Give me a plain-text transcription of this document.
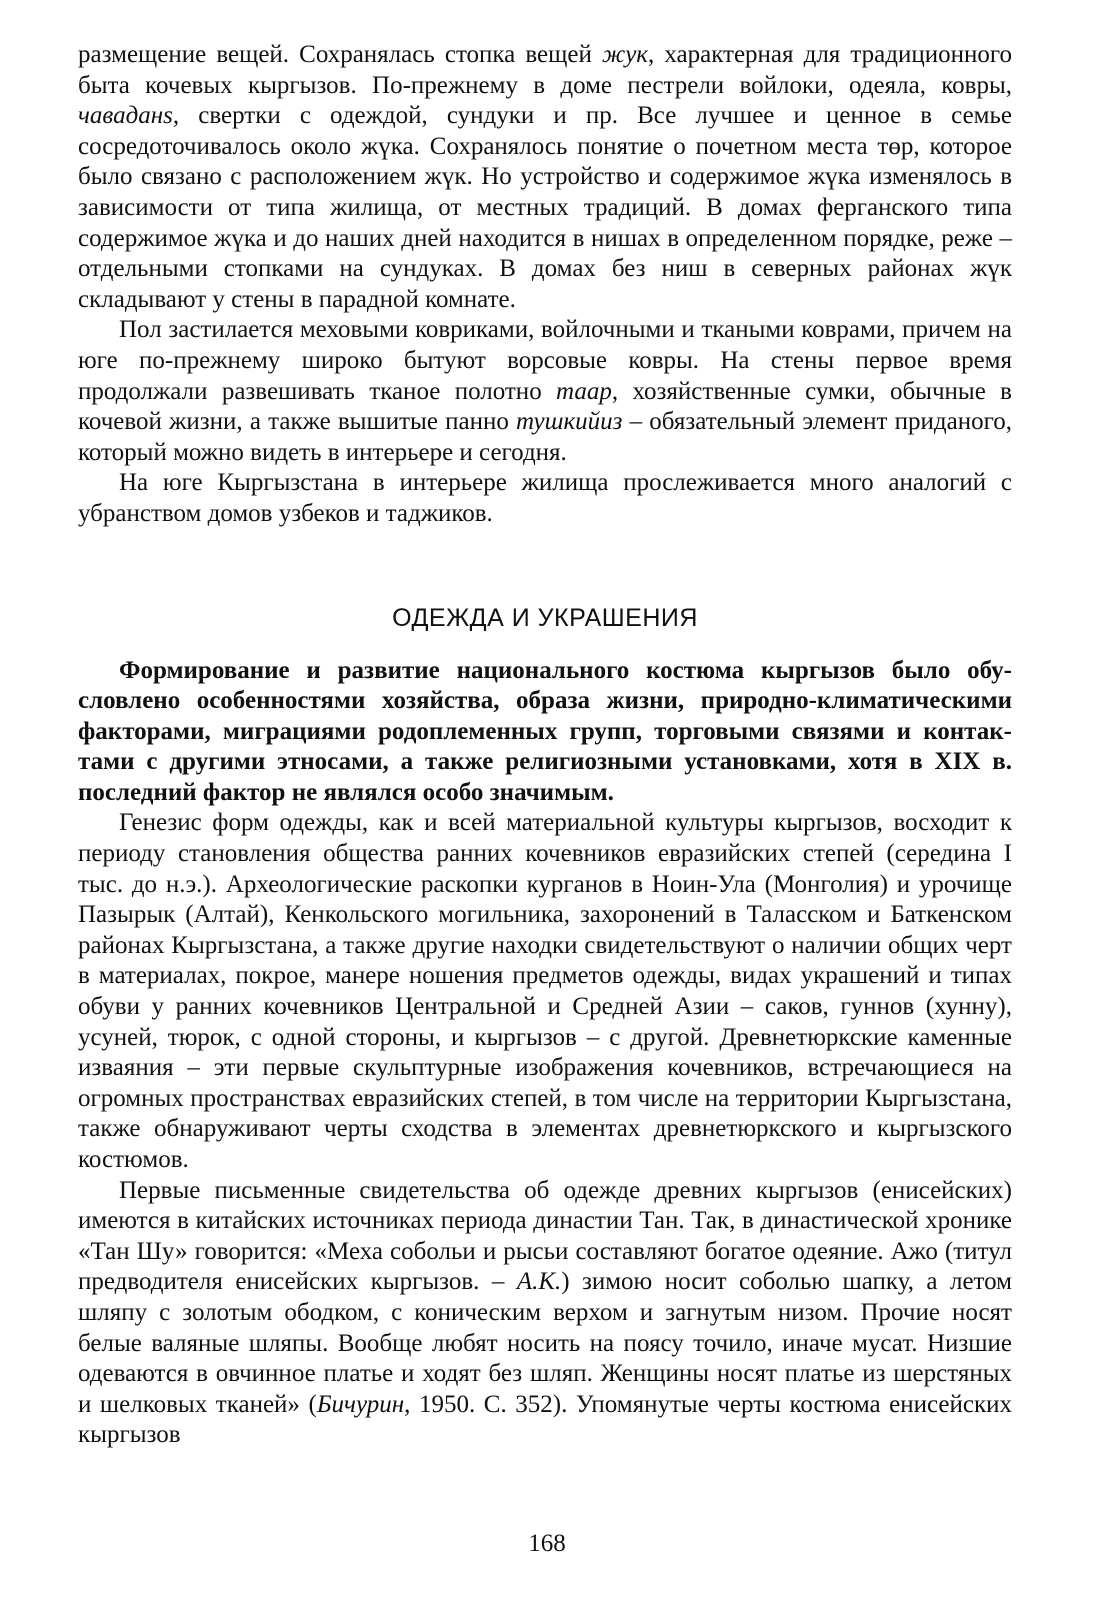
размещение вещей. Сохранялась стопка вещей жук, характерная для традиционного быта кочевых кыргызов. По-прежнему в доме пестрели войлоки, одеяла, ковры, чаваданѕ, свертки с одеждой, сундуки и пр. Все лучшее и ценное в семье сосредоточивалось около жүка. Сохранялось понятие о почетном места төр, которое было связано с расположением жүк. Но устройство и содержимое жүка изменялось в зависимости от типа жилища, от местных традиций. В домах ферганского типа содержимое жүка и до наших дней находится в нишах в определенном порядке, реже – отдельными стопками на сундуках. В домах без ниш в северных районах жүк складывают у стены в парадной комнате.

Пол застилается меховыми ковриками, войлочными и ткаными коврами, причем на юге по-прежнему широко бытуют ворсовые ковры. На стены первое время продолжали развешивать тканое полотно таар, хозяйственные сумки, обычные в кочевой жизни, а также вышитые панно тушкийиз – обязательный элемент приданого, который можно видеть в интерьере и сегодня.

На юге Кыргызстана в интерьере жилища прослеживается много аналогий с убранством домов узбеков и таджиков.

ОДЕЖДА И УКРАШЕНИЯ

Формирование и развитие национального костюма кыргызов было обусловлено особенностями хозяйства, образа жизни, природно-климатическими факторами, миграциями родоплеменных групп, торговыми связями и контактами с другими этносами, а также религиозными установками, хотя в XIX в. последний фактор не являлся особо значимым.

Генезис форм одежды, как и всей материальной культуры кыргызов, восходит к периоду становления общества ранних кочевников евразийских степей (середина I тыс. до н.э.). Археологические раскопки курганов в Ноин-Ула (Монголия) и урочище Пазырык (Алтай), Кенкольского могильника, захоронений в Таласском и Баткенском районах Кыргызстана, а также другие находки свидетельствуют о наличии общих черт в материалах, покрое, манере ношения предметов одежды, видах украшений и типах обуви у ранних кочевников Центральной и Средней Азии – саков, гуннов (хунну), усуней, тюрок, с одной стороны, и кыргызов – с другой. Древнетюркские каменные изваяния – эти первые скульптурные изображения кочевников, встречающиеся на огромных пространствах евразийских степей, в том числе на территории Кыргызстана, также обнаруживают черты сходства в элементах древнетюркского и кыргызского костюмов.

Первые письменные свидетельства об одежде древних кыргызов (енисейских) имеются в китайских источниках периода династии Тан. Так, в династической хронике «Тан Шу» говорится: «Меха собольи и рысьи составляют богатое одеяние. Ажо (титул предводителя енисейских кыргызов. – А.К.) зимою носит соболью шапку, а летом шляпу с золотым ободком, с коническим верхом и загнутым низом. Прочие носят белые валяные шляпы. Вообще любят носить на поясу точило, иначе мусат. Низшие одеваются в овчинное платье и ходят без шляп. Женщины носят платье из шерстяных и шелковых тканей» (Бичурин, 1950. С. 352). Упомянутые черты костюма енисейских кыргызов

168
